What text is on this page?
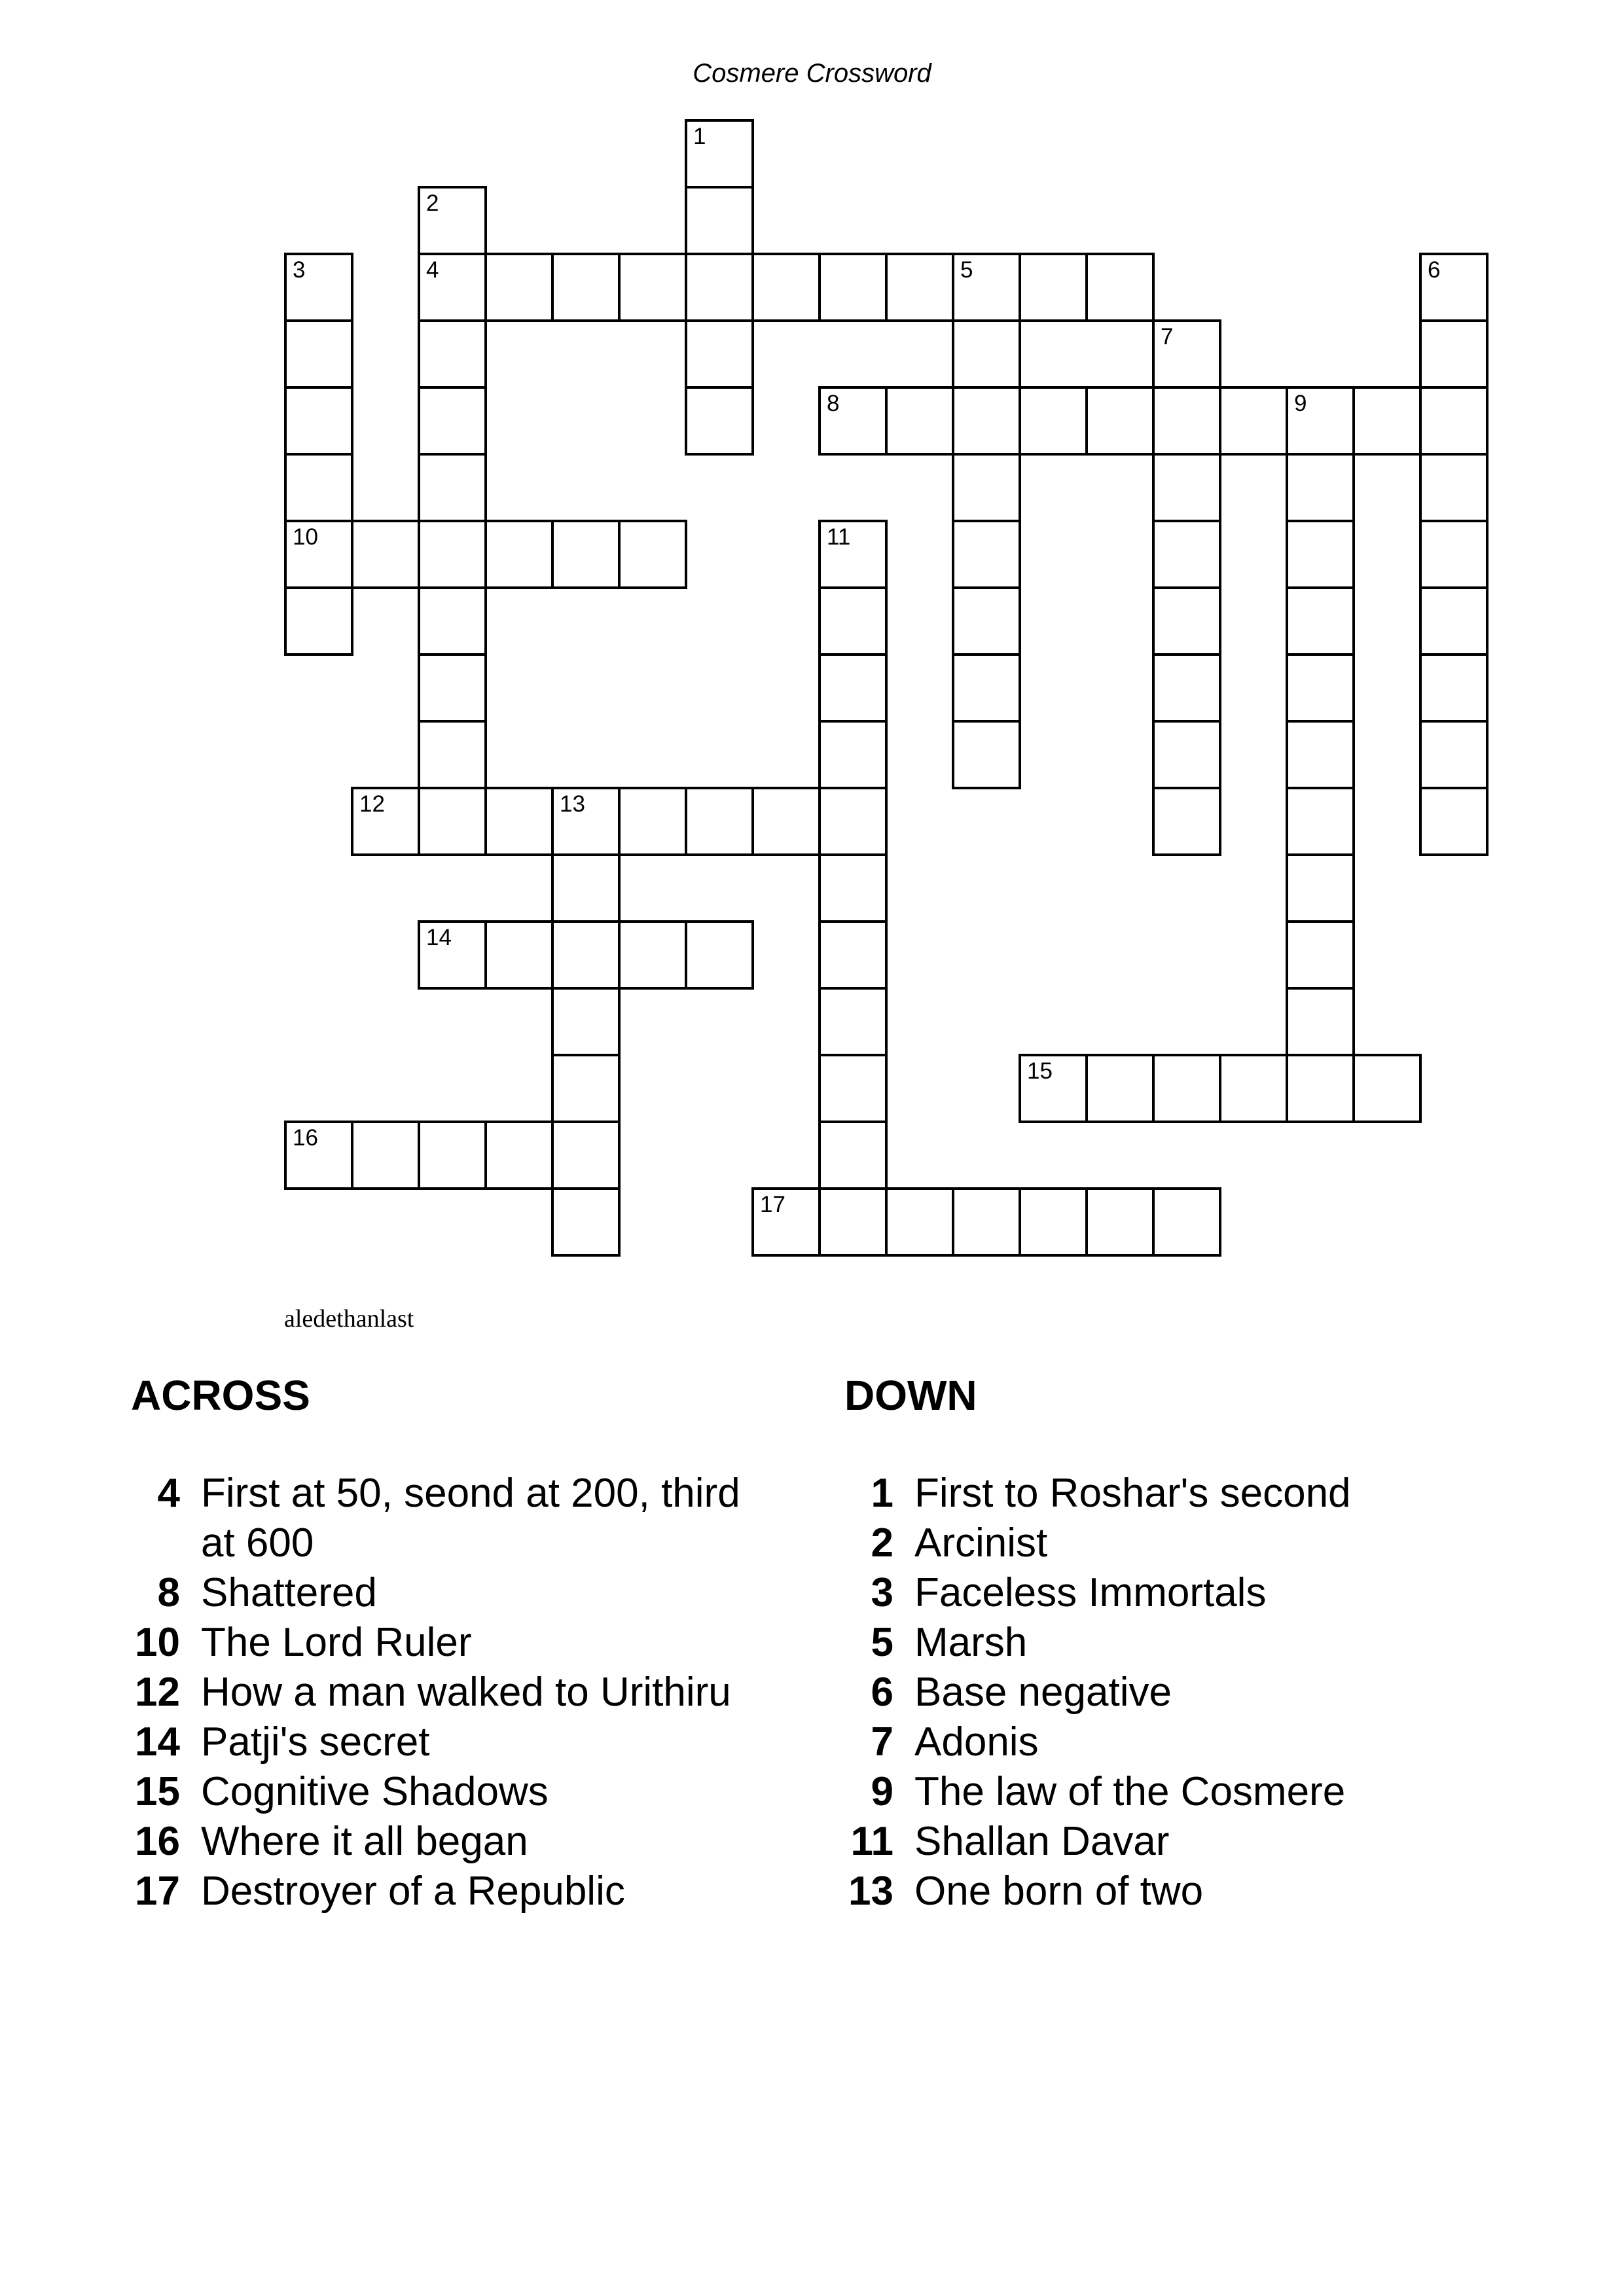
Cosmere Crossword
1
2
4
3
10
5	6
7
8	9
11
12	13
14
15
16
17
aledethanlast
ACROSS
4 First at 50, seond at 200, third at 600
8 Shattered
10 The Lord Ruler
12 How a man walked to Urithiru
14 Patji's secret
15 Cognitive Shadows
16 Where it all began
17 Destroyer of a Republic
DOWN
1 First to Roshar's second
2 Arcinist
3 Faceless Immortals
5 Marsh
6 Base negative
7 Adonis
9 The law of the Cosmere
11 Shallan Davar
13 One born of two
